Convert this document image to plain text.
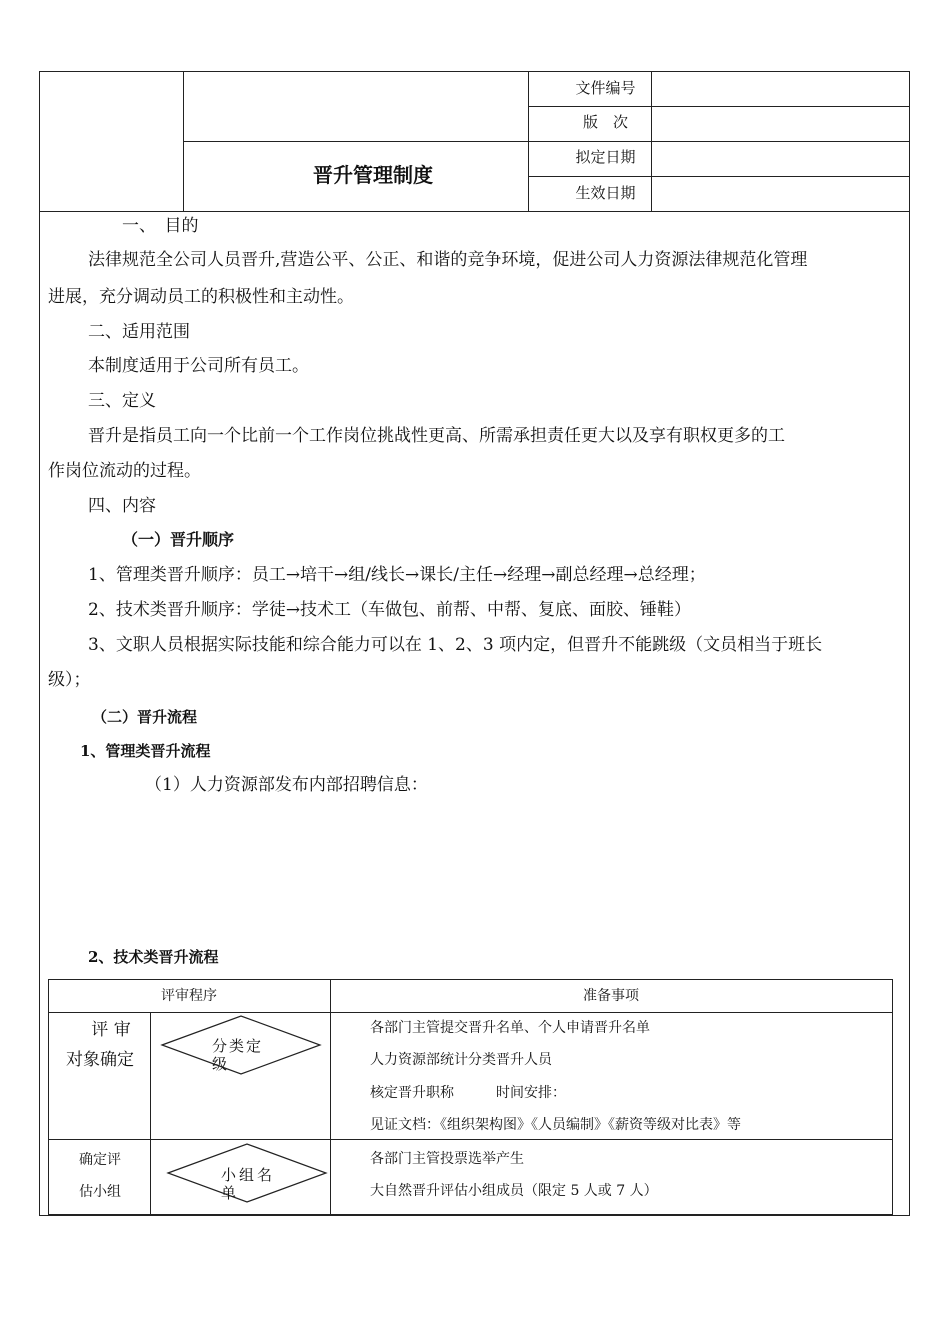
晋升管理制度
文件编号
版　次
拟定日期
生效日期
一、　目的
法律规范全公司人员晋升,营造公平、公正、和谐的竞争环境，促进公司人力资源法律规范化管理
进展，充分调动员工的积极性和主动性。
二、适用范围
本制度适用于公司所有员工。
三、定义
晋升是指员工向一个比前一个工作岗位挑战性更高、所需承担责任更大以及享有职权更多的工
作岗位流动的过程。
四、内容
（一）晋升顺序
1、管理类晋升顺序：员工→培干→组/线长→课长/主任→经理→副总经理→总经理；
2、技术类晋升顺序：学徒→技术工（车做包、前帮、中帮、复底、面胶、锤鞋）
3、文职人员根据实际技能和综合能力可以在 1、2、3 项内定，但晋升不能跳级（文员相当于班长
级）；
（二）晋升流程
1、管理类晋升流程
（1）人力资源部发布内部招聘信息：
2、技术类晋升流程
评审程序	准备事项
评 审
对象确定
分类定
级
各部门主管提交晋升名单、个人申请晋升名单
人力资源部统计分类晋升人员
核定晋升职称　　　时间安排：
见证文档：《组织架构图》《人员编制》《薪资等级对比表》等
确定评
估小组
小组名
单
各部门主管投票选举产生
大自然晋升评估小组成员（限定 5 人或 7 人）
